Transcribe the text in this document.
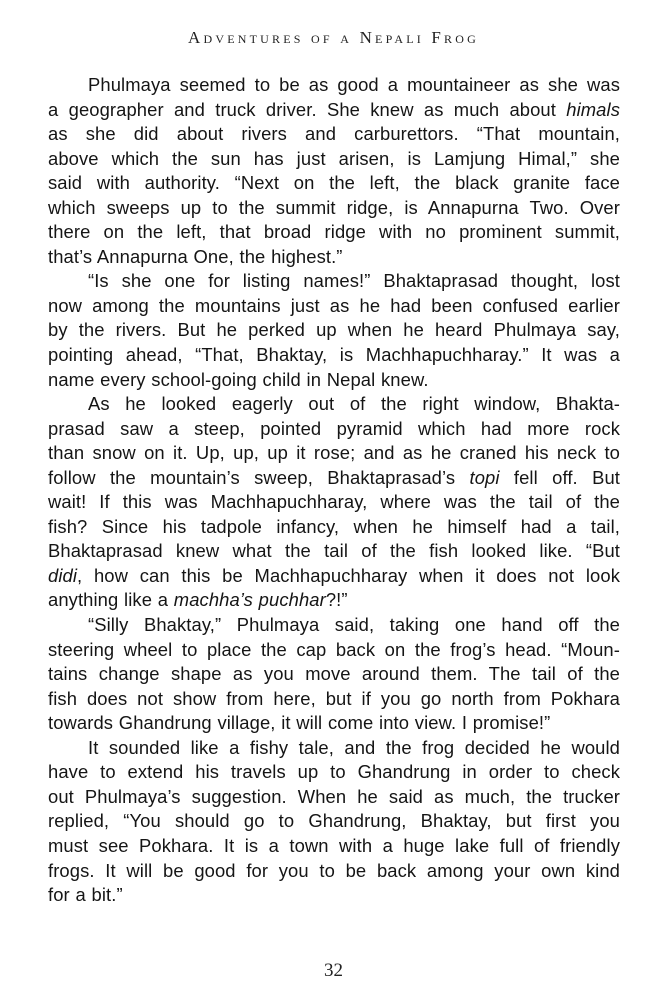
Adventures of a Nepali Frog
Phulmaya seemed to be as good a mountaineer as she was
a geographer and truck driver. She knew as much about himals
as she did about rivers and carburettors. “That mountain,
above which the sun has just arisen, is Lamjung Himal,” she
said with authority. “Next on the left, the black granite face
which sweeps up to the summit ridge, is Annapurna Two. Over
there on the left, that broad ridge with no prominent summit,
that’s Annapurna One, the highest.”
“Is she one for listing names!” Bhaktaprasad thought, lost
now among the mountains just as he had been confused earlier
by the rivers. But he perked up when he heard Phulmaya say,
pointing ahead, “That, Bhaktay, is Machhapuchharay.” It was a
name every school-going child in Nepal knew.
As he looked eagerly out of the right window, Bhakta-
prasad saw a steep, pointed pyramid which had more rock
than snow on it. Up, up, up it rose; and as he craned his neck to
follow the mountain’s sweep, Bhaktaprasad’s topi fell off. But
wait! If this was Machhapuchharay, where was the tail of the
fish? Since his tadpole infancy, when he himself had a tail,
Bhaktaprasad knew what the tail of the fish looked like. “But
didi, how can this be Machhapuchharay when it does not look
anything like a machha’s puchhar?!”
“Silly Bhaktay,” Phulmaya said, taking one hand off the
steering wheel to place the cap back on the frog’s head. “Moun-
tains change shape as you move around them. The tail of the
fish does not show from here, but if you go north from Pokhara
towards Ghandrung village, it will come into view. I promise!”
It sounded like a fishy tale, and the frog decided he would
have to extend his travels up to Ghandrung in order to check
out Phulmaya’s suggestion. When he said as much, the trucker
replied, “You should go to Ghandrung, Bhaktay, but first you
must see Pokhara. It is a town with a huge lake full of friendly
frogs. It will be good for you to be back among your own kind
for a bit.”
32
